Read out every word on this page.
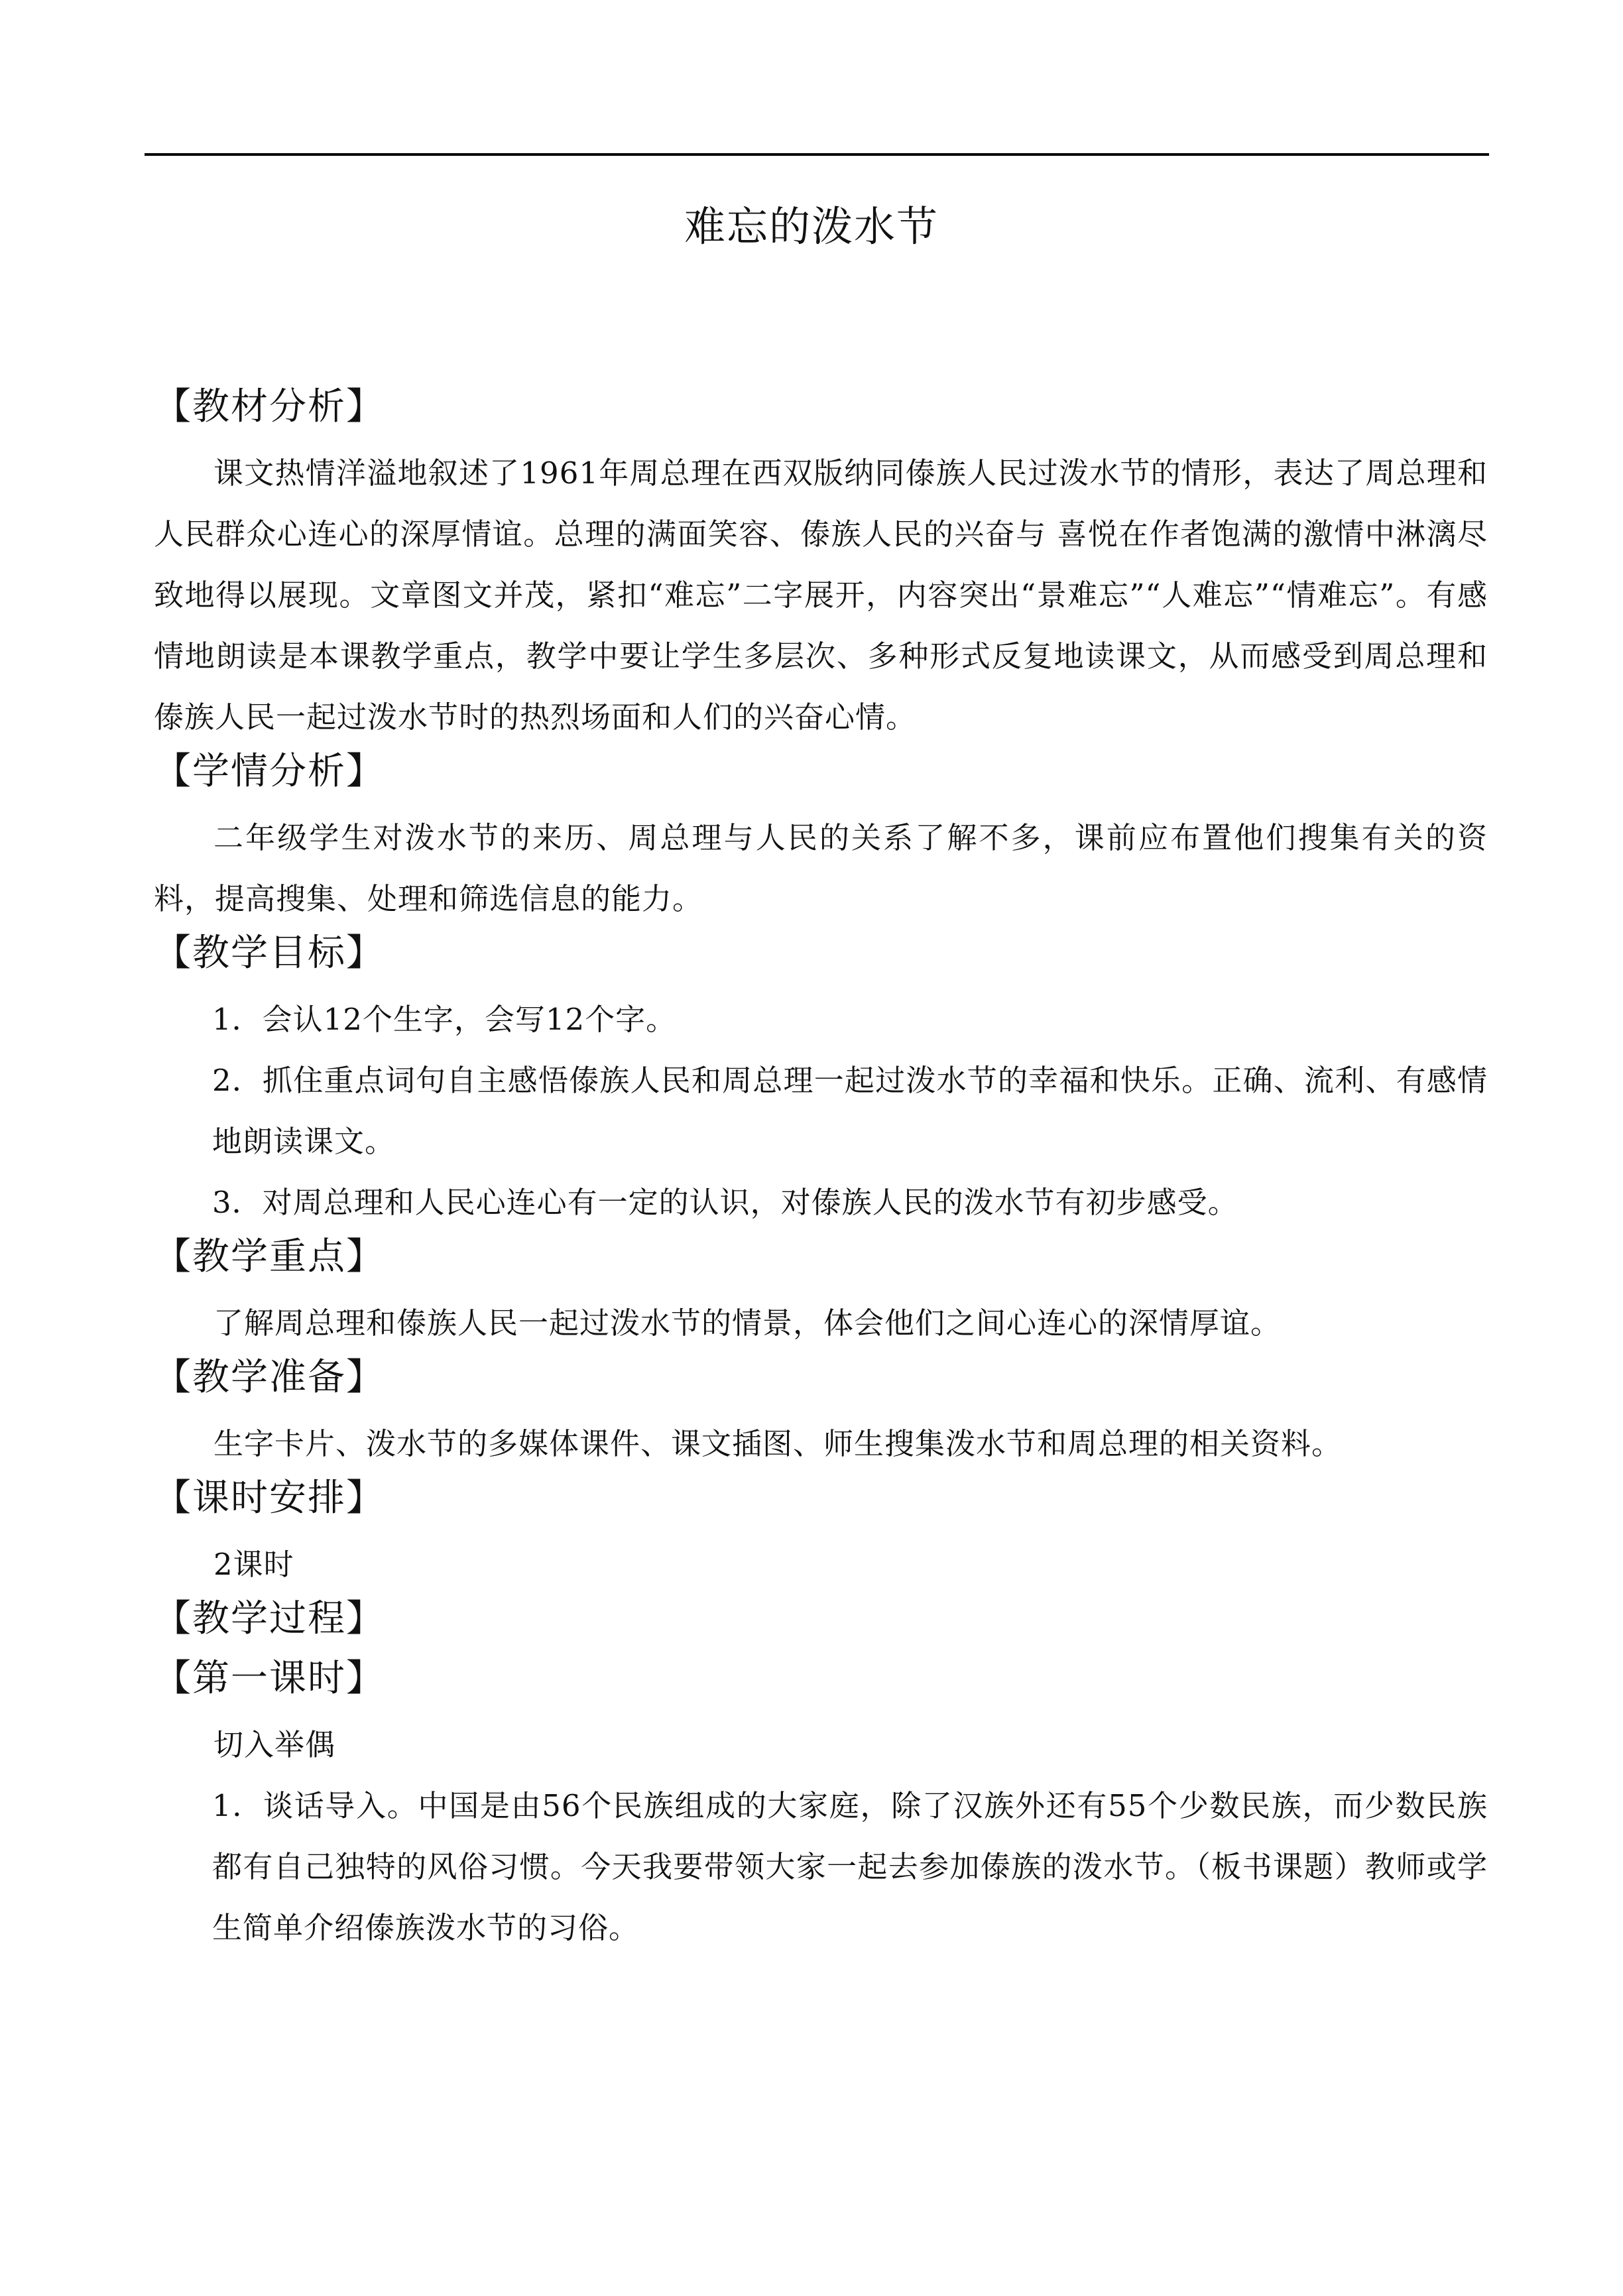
难忘的泼水节
【教材分析】

课文热情洋溢地叙述了1961年周总理在西双版纳同傣族人民过泼水节的情形，表达了周总理和人民群众心连心的深厚情谊。总理的满面笑容、傣族人民的兴奋与 喜悦在作者饱满的激情中淋漓尽致地得以展现。文章图文并茂，紧扣“难忘”二字展开，内容突出“景难忘”“人难忘”“情难忘”。有感情地朗读是本课教学重点，教学中要让学生多层次、多种形式反复地读课文，从而感受到周总理和傣族人民一起过泼水节时的热烈场面和人们的兴奋心情。

【学情分析】

二年级学生对泼水节的来历、周总理与人民的关系了解不多，课前应布置他们搜集有关的资料，提高搜集、处理和筛选信息的能力。

【教学目标】

1．会认12个生字，会写12个字。

2．抓住重点词句自主感悟傣族人民和周总理一起过泼水节的幸福和快乐。正确、流利、有感情地朗读课文。

3．对周总理和人民心连心有一定的认识，对傣族人民的泼水节有初步感受。

【教学重点】

了解周总理和傣族人民一起过泼水节的情景，体会他们之间心连心的深情厚谊。

【教学准备】

生字卡片、泼水节的多媒体课件、课文插图、师生搜集泼水节和周总理的相关资料。

【课时安排】

2课时

【教学过程】
【第一课时】

切入举偶

1．谈话导入。中国是由56个民族组成的大家庭，除了汉族外还有55个少数民族，而少数民族都有自己独特的风俗习惯。今天我要带领大家一起去参加傣族的泼水节。（板书课题）教师或学生简单介绍傣族泼水节的习俗。
